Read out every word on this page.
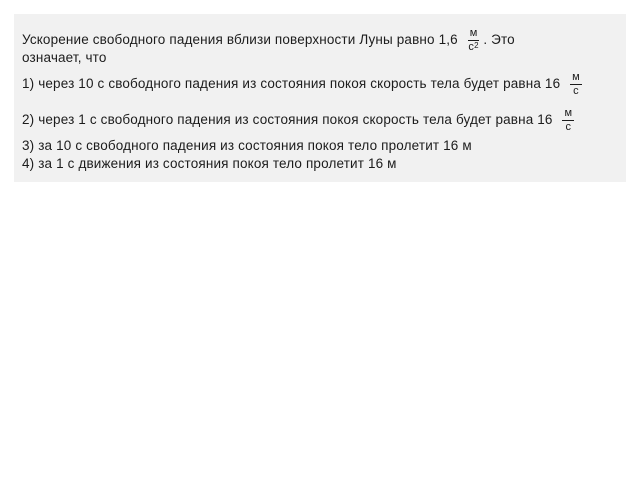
Ускорение свободного падения вблизи поверхности Луны равно $1,6 \frac{м}{с^2}$ . Это
означает, что
1) через 10 с свободного падения из состояния покоя скорость тела будет равна $16 \frac{м}{с}$
2) через 1 с свободного падения из состояния покоя скорость тела будет равна $16 \frac{м}{с}$
3) за 10 с свободного падения из состояния покоя тело пролетит 16 м
4) за 1 с движения из состояния покоя тело пролетит 16 м
